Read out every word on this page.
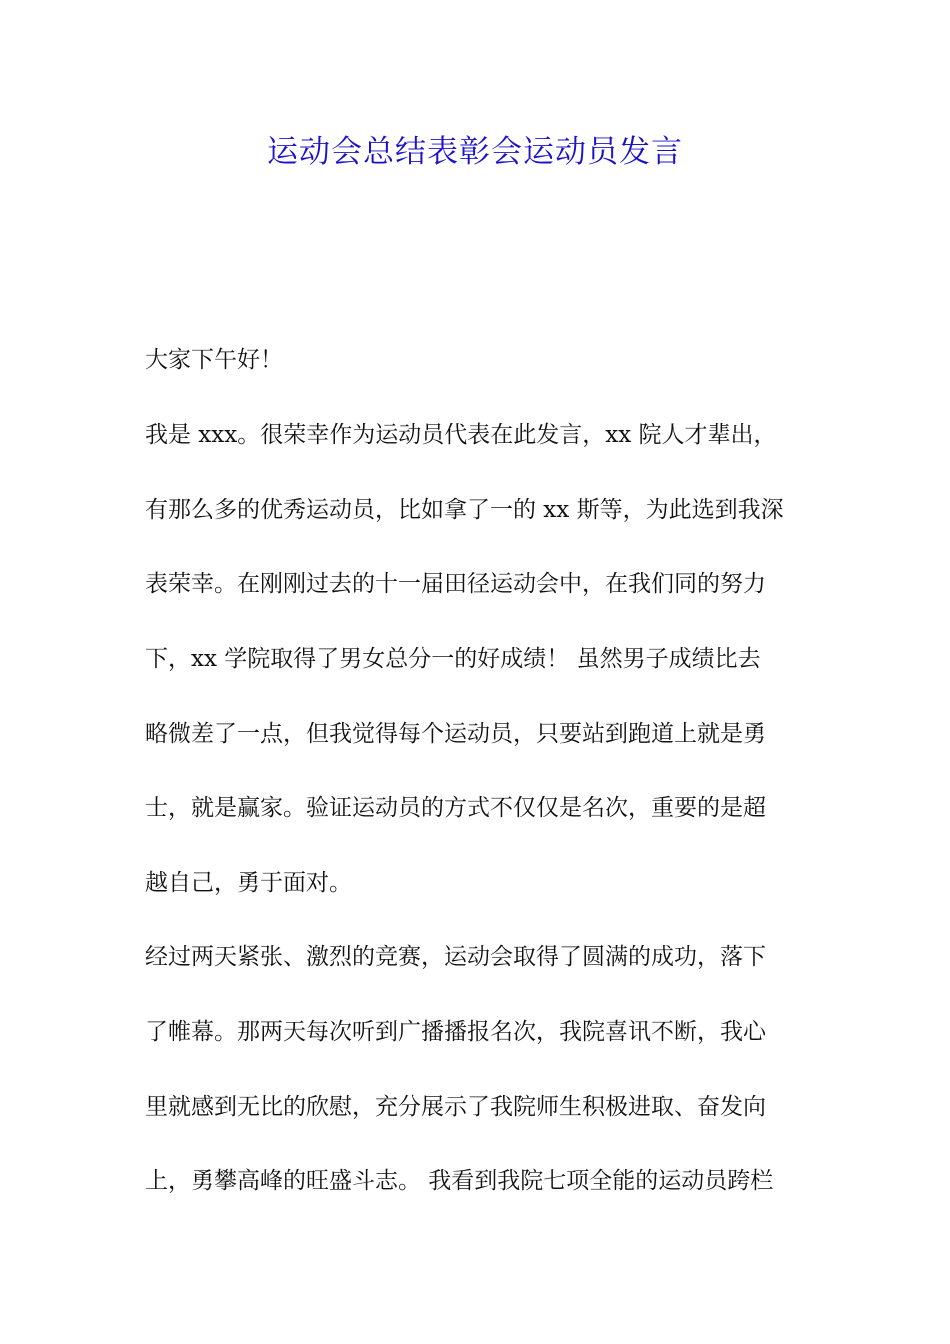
运动会总结表彰会运动员发言
大家下午好！
我是 xxx。很荣幸作为运动员代表在此发言，xx 院人才辈出，
有那么多的优秀运动员，比如拿了一的 xx 斯等，为此选到我深
表荣幸。在刚刚过去的十一届田径运动会中，在我们同的努力
下，xx 学院取得了男女总分一的好成绩！ 虽然男子成绩比去
略微差了一点，但我觉得每个运动员，只要站到跑道上就是勇
士，就是赢家。验证运动员的方式不仅仅是名次，重要的是超
越自己，勇于面对。
经过两天紧张、激烈的竞赛，运动会取得了圆满的成功，落下
了帷幕。那两天每次听到广播播报名次，我院喜讯不断，我心
里就感到无比的欣慰，充分展示了我院师生积极进取、奋发向
上，勇攀高峰的旺盛斗志。 我看到我院七项全能的运动员跨栏
